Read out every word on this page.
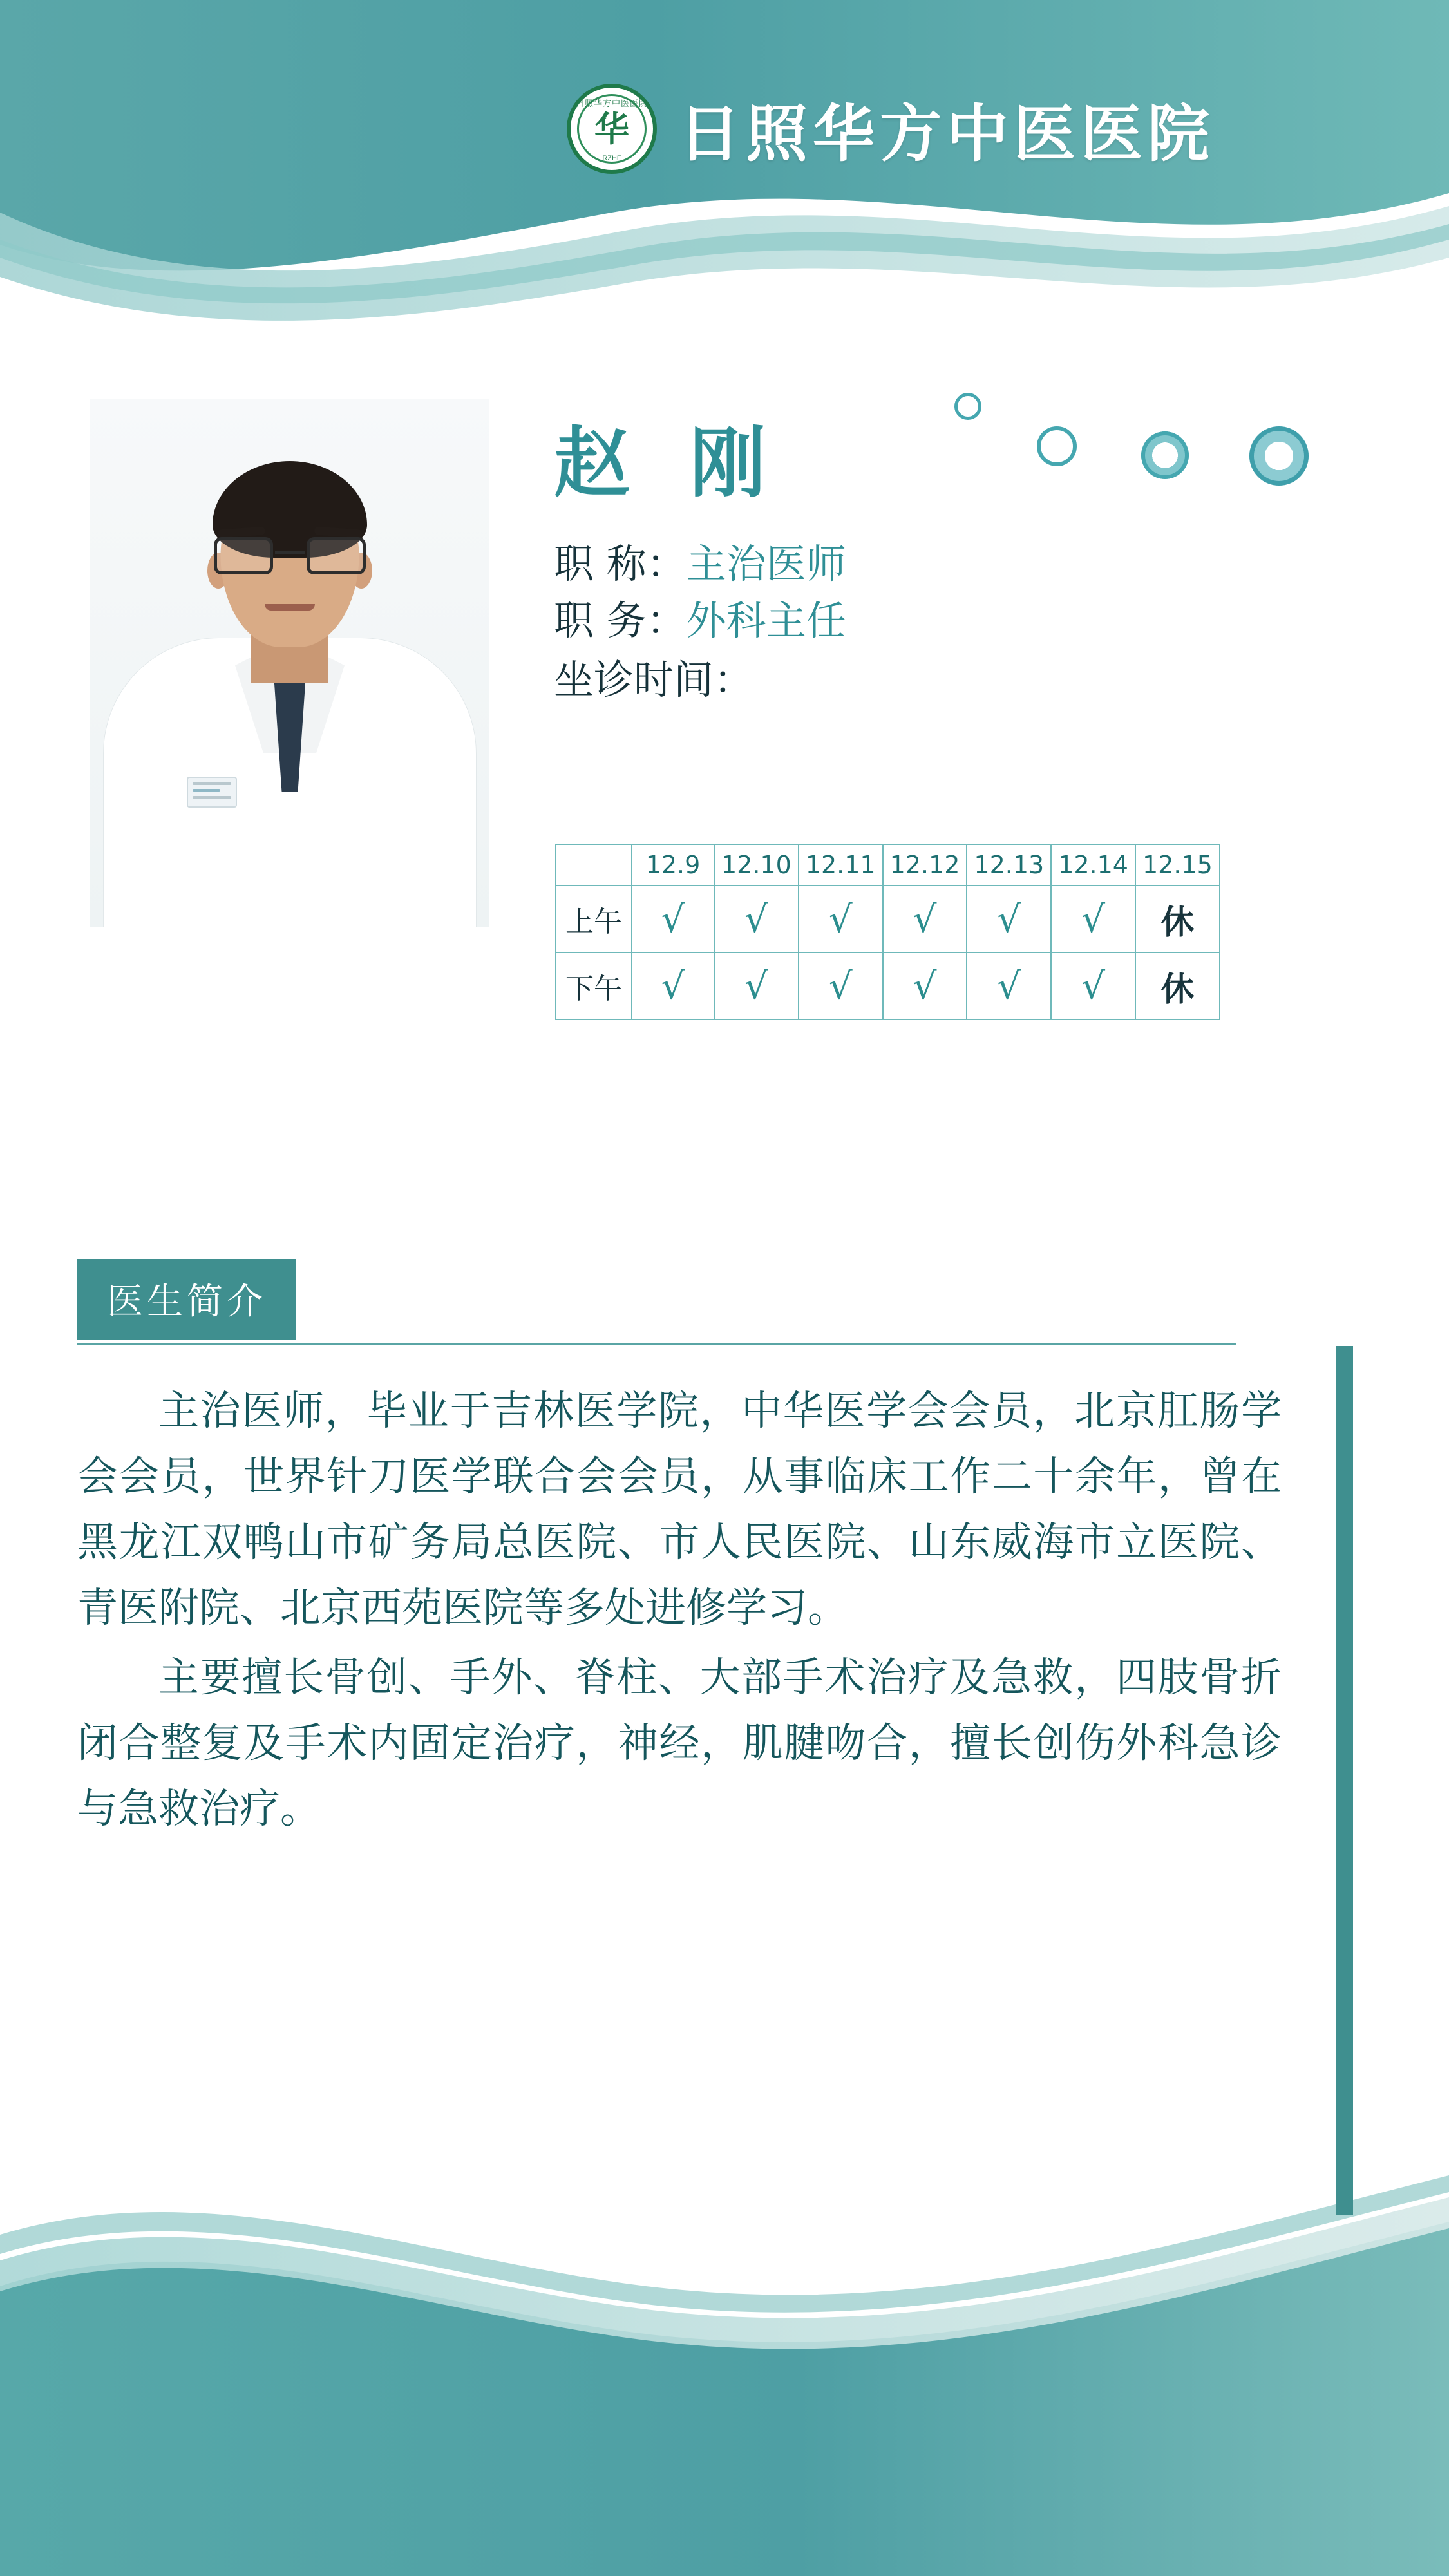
日照华方中医医院
华
RZHF 日照华方中医医院
赵 刚
职 称：主治医师
职 务：外科主任
坐诊时间：
	12.9	12.10	12.11	12.12	12.13	12.14	12.15
上午	√	√	√	√	√	√	休
下午	√	√	√	√	√	√	休
医生简介

主治医师，毕业于吉林医学院，中华医学会会员，北京肛肠学会会员，世界针刀医学联合会会员，从事临床工作二十余年，曾在黑龙江双鸭山市矿务局总医院、市人民医院、山东威海市立医院、青医附院、北京西苑医院等多处进修学习。

主要擅长骨创、手外、脊柱、大部手术治疗及急救，四肢骨折闭合整复及手术内固定治疗，神经，肌腱吻合，擅长创伤外科急诊与急救治疗。
